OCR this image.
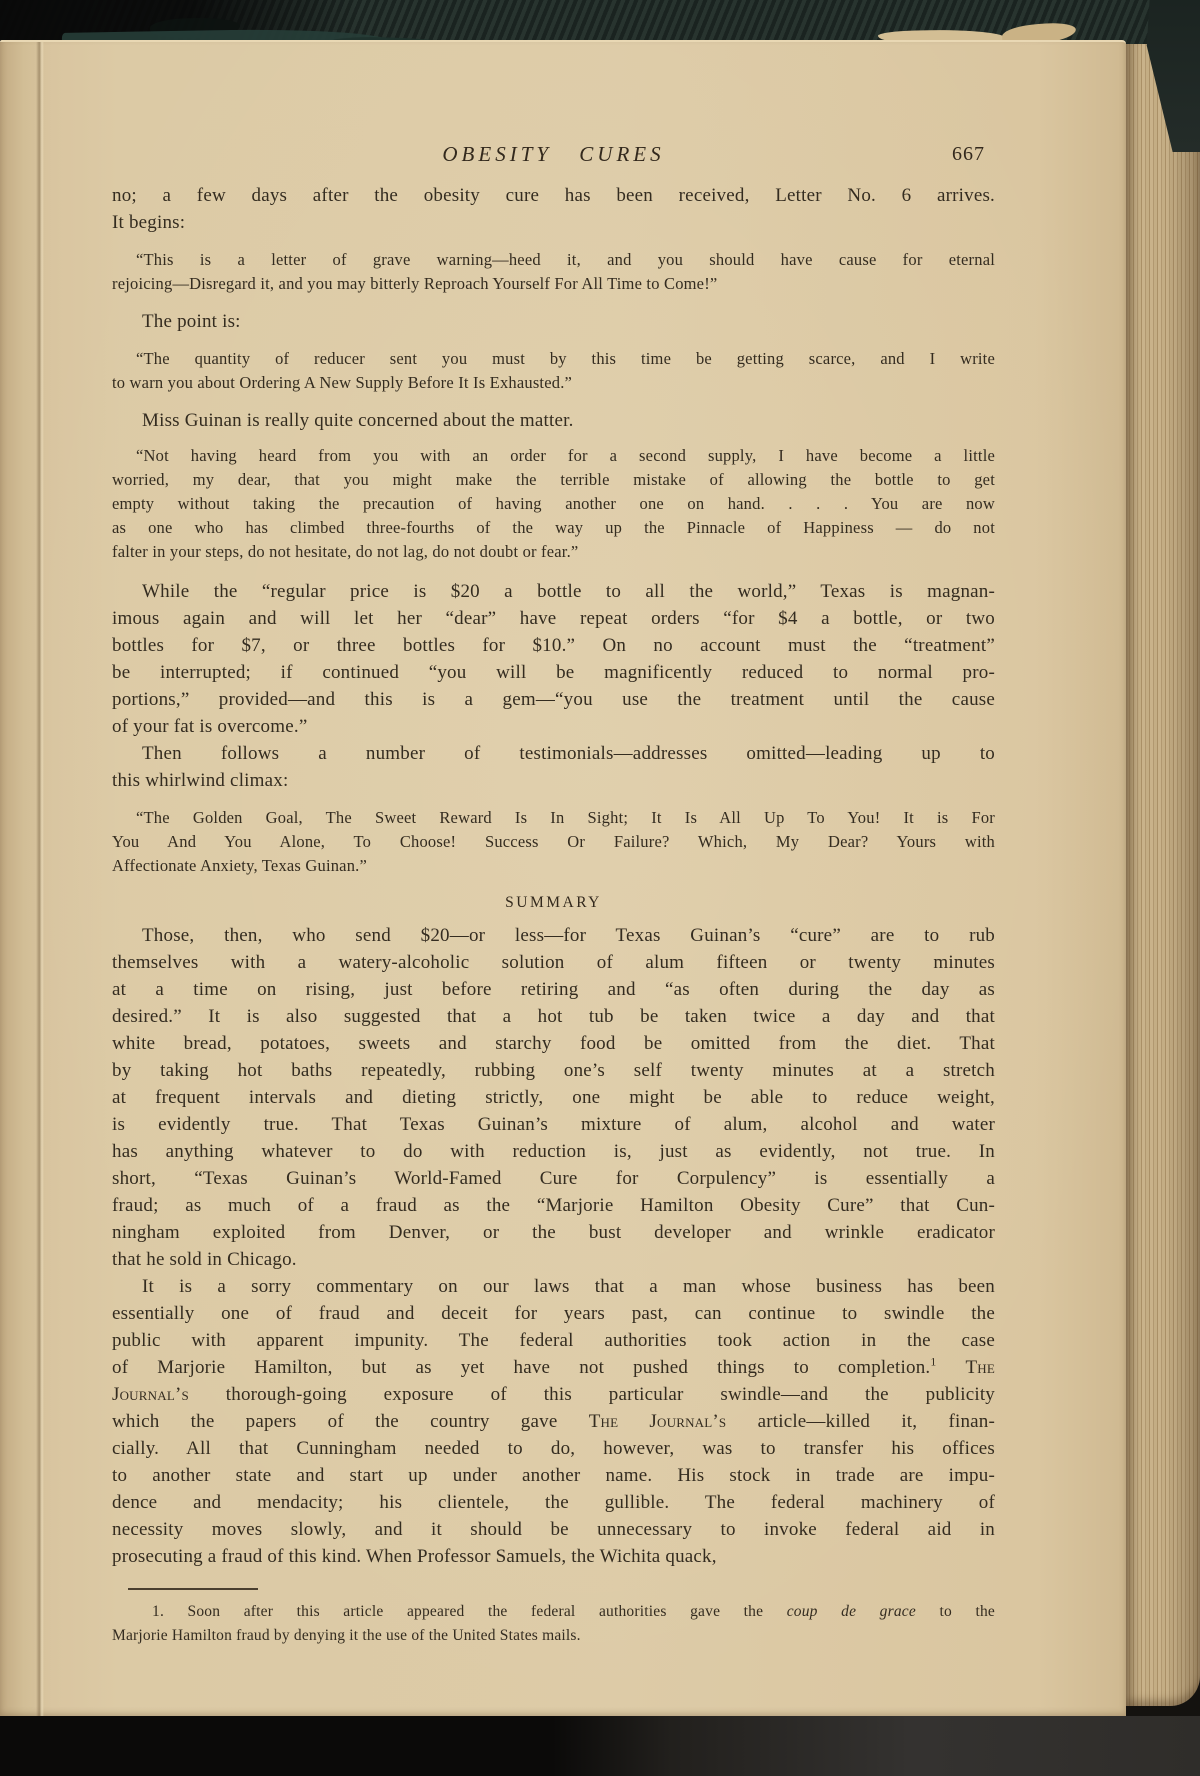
OBESITY CURES	667
no; a few days after the obesity cure has been received, Letter No. 6 arrives.
It begins:
“This is a letter of grave warning—heed it, and you should have cause for eternal
rejoicing—Disregard it, and you may bitterly Reproach Yourself For All Time to Come!”
The point is:
“The quantity of reducer sent you must by this time be getting scarce, and I write
to warn you about Ordering A New Supply Before It Is Exhausted.”
Miss Guinan is really quite concerned about the matter.
“Not having heard from you with an order for a second supply, I have become a little
worried, my dear, that you might make the terrible mistake of allowing the bottle to get
empty without taking the precaution of having another one on hand. . . . You are now
as one who has climbed three-fourths of the way up the Pinnacle of Happiness — do not
falter in your steps, do not hesitate, do not lag, do not doubt or fear.”
While the “regular price is $20 a bottle to all the world,” Texas is magnan-
imous again and will let her “dear” have repeat orders “for $4 a bottle, or two
bottles for $7, or three bottles for $10.” On no account must the “treatment”
be interrupted; if continued “you will be magnificently reduced to normal pro-
portions,” provided—and this is a gem—“you use the treatment until the cause
of your fat is overcome.”
Then follows a number of testimonials—addresses omitted—leading up to
this whirlwind climax:
“The Golden Goal, The Sweet Reward Is In Sight; It Is All Up To You! It is For
You And You Alone, To Choose! Success Or Failure? Which, My Dear? Yours with
Affectionate Anxiety, Texas Guinan.”
SUMMARY
Those, then, who send $20—or less—for Texas Guinan’s “cure” are to rub
themselves with a watery-alcoholic solution of alum fifteen or twenty minutes
at a time on rising, just before retiring and “as often during the day as
desired.” It is also suggested that a hot tub be taken twice a day and that
white bread, potatoes, sweets and starchy food be omitted from the diet. That
by taking hot baths repeatedly, rubbing one’s self twenty minutes at a stretch
at frequent intervals and dieting strictly, one might be able to reduce weight,
is evidently true. That Texas Guinan’s mixture of alum, alcohol and water
has anything whatever to do with reduction is, just as evidently, not true. In
short, “Texas Guinan’s World-Famed Cure for Corpulency” is essentially a
fraud; as much of a fraud as the “Marjorie Hamilton Obesity Cure” that Cun-
ningham exploited from Denver, or the bust developer and wrinkle eradicator
that he sold in Chicago.
It is a sorry commentary on our laws that a man whose business has been
essentially one of fraud and deceit for years past, can continue to swindle the
public with apparent impunity. The federal authorities took action in the case
of Marjorie Hamilton, but as yet have not pushed things to completion.$^1$ The
Journal’s thorough-going exposure of this particular swindle—and the publicity
which the papers of the country gave The Journal’s article—killed it, finan-
cially. All that Cunningham needed to do, however, was to transfer his offices
to another state and start up under another name. His stock in trade are impu-
dence and mendacity; his clientele, the gullible. The federal machinery of
necessity moves slowly, and it should be unnecessary to invoke federal aid in
prosecuting a fraud of this kind. When Professor Samuels, the Wichita quack,
1. Soon after this article appeared the federal authorities gave the coup de grace to the
Marjorie Hamilton fraud by denying it the use of the United States mails.
